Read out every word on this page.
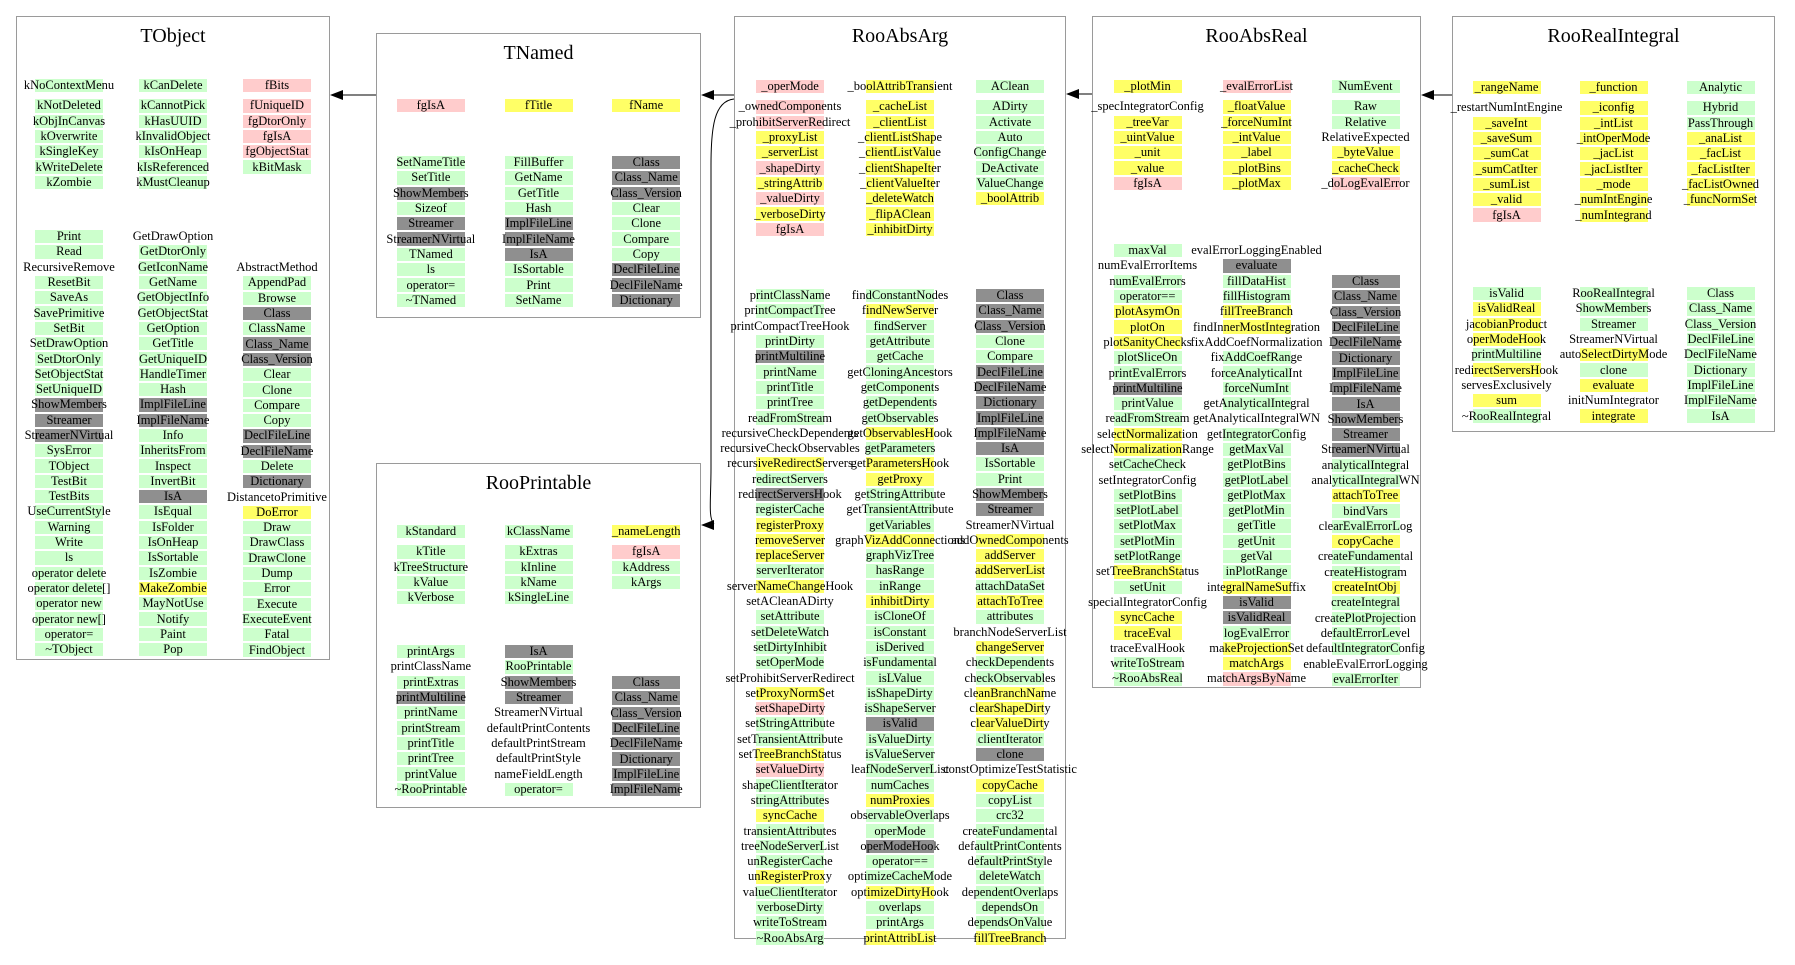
TObject
kNoContextMenu
kNotDeleted
kObjInCanvas
kOverwrite
kSingleKey
kWriteDelete
kZombie
kCanDelete
kCannotPick
kHasUUID
kInvalidObject
kIsOnHeap
kIsReferenced
kMustCleanup
fBits
fUniqueID
fgDtorOnly
fgIsA
fgObjectStat
kBitMask
Print
Read
RecursiveRemove
ResetBit
SaveAs
SavePrimitive
SetBit
SetDrawOption
SetDtorOnly
SetObjectStat
SetUniqueID
ShowMembers
Streamer
StreamerNVirtual
SysError
TObject
TestBit
TestBits
UseCurrentStyle
Warning
Write
ls
operator delete
operator delete[]
operator new
operator new[]
operator=
~TObject
GetDrawOption
GetDtorOnly
GetIconName
GetName
GetObjectInfo
GetObjectStat
GetOption
GetTitle
GetUniqueID
HandleTimer
Hash
ImplFileLine
ImplFileName
Info
InheritsFrom
Inspect
InvertBit
IsA
IsEqual
IsFolder
IsOnHeap
IsSortable
IsZombie
MakeZombie
MayNotUse
Notify
Paint
Pop
AbstractMethod
AppendPad
Browse
Class
ClassName
Class_Name
Class_Version
Clear
Clone
Compare
Copy
DeclFileLine
DeclFileName
Delete
Dictionary
DistancetoPrimitive
DoError
Draw
DrawClass
DrawClone
Dump
Error
Execute
ExecuteEvent
Fatal
FindObject
TNamed
fgIsA	fTitle	fName
SetNameTitle
SetTitle
ShowMembers
Sizeof
Streamer
StreamerNVirtual
TNamed
ls
operator=
~TNamed
FillBuffer
GetName
GetTitle
Hash
ImplFileLine
ImplFileName
IsA
IsSortable
Print
SetName
Class
Class_Name
Class_Version
Clear
Clone
Compare
Copy
DeclFileLine
DeclFileName
Dictionary
RooPrintable
kStandard
kTitle
kTreeStructure
kValue
kVerbose
kClassName
kExtras
kInline
kName
kSingleLine
_nameLength
fgIsA
kAddress
kArgs
printArgs
printClassName
printExtras
printMultiline
printName
printStream
printTitle
printTree
printValue
~RooPrintable
IsA
RooPrintable
ShowMembers
Streamer
StreamerNVirtual
defaultPrintContents
defaultPrintStream
defaultPrintStyle
nameFieldLength
operator=
Class
Class_Name
Class_Version
DeclFileLine
DeclFileName
Dictionary
ImplFileLine
ImplFileName
RooAbsArg
_operMode
_ownedComponents
_prohibitServerRedirect
_proxyList
_serverList
_shapeDirty
_stringAttrib
_valueDirty
_verboseDirty
fgIsA
_boolAttribTransient
_cacheList
_clientList
_clientListShape
_clientListValue
_clientShapeIter
_clientValueIter
_deleteWatch
_flipAClean
_inhibitDirty
AClean
ADirty
Activate
Auto
ConfigChange
DeActivate
ValueChange
_boolAttrib
printClassName
printCompactTree
printCompactTreeHook
printDirty
printMultiline
printName
printTitle
printTree
readFromStream
recursiveCheckDependents
recursiveCheckObservables
recursiveRedirectServers
redirectServers
redirectServersHook
registerCache
registerProxy
removeServer
replaceServer
serverIterator
serverNameChangeHook
setACleanADirty
setAttribute
setDeleteWatch
setDirtyInhibit
setOperMode
setProhibitServerRedirect
setProxyNormSet
setShapeDirty
setStringAttribute
setTransientAttribute
setTreeBranchStatus
setValueDirty
shapeClientIterator
stringAttributes
syncCache
transientAttributes
treeNodeServerList
unRegisterCache
unRegisterProxy
valueClientIterator
verboseDirty
writeToStream
~RooAbsArg
findConstantNodes
findNewServer
findServer
getAttribute
getCache
getCloningAncestors
getComponents
getDependents
getObservables
getObservablesHook
getParameters
getParametersHook
getProxy
getStringAttribute
getTransientAttribute
getVariables
graphVizAddConnections
graphVizTree
hasRange
inRange
inhibitDirty
isCloneOf
isConstant
isDerived
isFundamental
isLValue
isShapeDirty
isShapeServer
isValid
isValueDirty
isValueServer
leafNodeServerList
numCaches
numProxies
observableOverlaps
operMode
operModeHook
operator==
optimizeCacheMode
optimizeDirtyHook
overlaps
printArgs
printAttribList
Class
Class_Name
Class_Version
Clone
Compare
DeclFileLine
DeclFileName
Dictionary
ImplFileLine
ImplFileName
IsA
IsSortable
Print
ShowMembers
Streamer
StreamerNVirtual
addOwnedComponents
addServer
addServerList
attachDataSet
attachToTree
attributes
branchNodeServerList
changeServer
checkDependents
checkObservables
cleanBranchName
clearShapeDirty
clearValueDirty
clientIterator
clone
constOptimizeTestStatistic
copyCache
copyList
crc32
createFundamental
defaultPrintContents
defaultPrintStyle
deleteWatch
dependentOverlaps
dependsOn
dependsOnValue
fillTreeBranch
RooAbsReal
_plotMin
_specIntegratorConfig
_treeVar
_uintValue
_unit
_value
fgIsA
_evalErrorList
_floatValue
_forceNumInt
_intValue
_label
_plotBins
_plotMax
NumEvent
Raw
Relative
RelativeExpected
_byteValue
_cacheCheck
_doLogEvalError
maxVal
numEvalErrorItems
numEvalErrors
operator==
plotAsymOn
plotOn
plotSanityChecks
plotSliceOn
printEvalErrors
printMultiline
printValue
readFromStream
selectNormalization
selectNormalizationRange
setCacheCheck
setIntegratorConfig
setPlotBins
setPlotLabel
setPlotMax
setPlotMin
setPlotRange
setTreeBranchStatus
setUnit
specialIntegratorConfig
syncCache
traceEval
traceEvalHook
writeToStream
~RooAbsReal
evalErrorLoggingEnabled
evaluate
fillDataHist
fillHistogram
fillTreeBranch
findInnerMostIntegration
fixAddCoefNormalization
fixAddCoefRange
forceAnalyticalInt
forceNumInt
getAnalyticalIntegral
getAnalyticalIntegralWN
getIntegratorConfig
getMaxVal
getPlotBins
getPlotLabel
getPlotMax
getPlotMin
getTitle
getUnit
getVal
inPlotRange
integralNameSuffix
isValid
isValidReal
logEvalError
makeProjectionSet
matchArgs
matchArgsByName
Class
Class_Name
Class_Version
DeclFileLine
DeclFileName
Dictionary
ImplFileLine
ImplFileName
IsA
ShowMembers
Streamer
StreamerNVirtual
analyticalIntegral
analyticalIntegralWN
attachToTree
bindVars
clearEvalErrorLog
copyCache
createFundamental
createHistogram
createIntObj
createIntegral
createPlotProjection
defaultErrorLevel
defaultIntegratorConfig
enableEvalErrorLogging
evalErrorIter
RooRealIntegral
_rangeName
_restartNumIntEngine
_saveInt
_saveSum
_sumCat
_sumCatIter
_sumList
_valid
fgIsA
_function
_iconfig
_intList
_intOperMode
_jacList
_jacListIter
_mode
_numIntEngine
_numIntegrand
Analytic
Hybrid
PassThrough
_anaList
_facList
_facListIter
_facListOwned
_funcNormSet
isValid
isValidReal
jacobianProduct
operModeHook
printMultiline
redirectServersHook
servesExclusively
sum
~RooRealIntegral
RooRealIntegral
ShowMembers
Streamer
StreamerNVirtual
autoSelectDirtyMode
clone
evaluate
initNumIntegrator
integrate
Class
Class_Name
Class_Version
DeclFileLine
DeclFileName
Dictionary
ImplFileLine
ImplFileName
IsA
